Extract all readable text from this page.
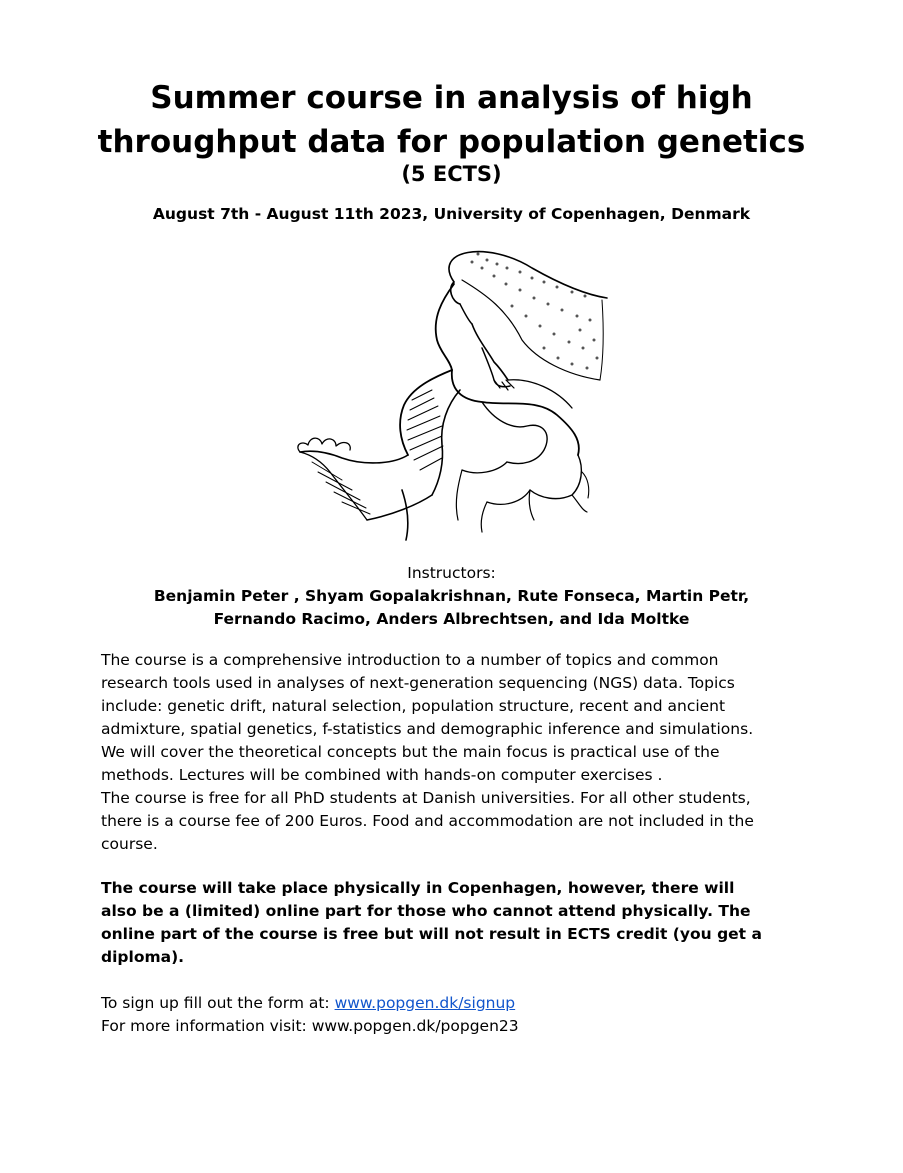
Summer course in analysis of high
throughput data for population genetics
(5 ECTS)
August 7th - August 11th 2023, University of Copenhagen, Denmark
Instructors:
Benjamin Peter , Shyam Gopalakrishnan, Rute Fonseca, Martin Petr,
Fernando Racimo, Anders Albrechtsen, and Ida Moltke

The course is a comprehensive introduction to a number of topics and common

research tools used in analyses of next-generation sequencing (NGS) data. Topics

include: genetic drift, natural selection, population structure, recent and ancient

admixture, spatial genetics, f-statistics and demographic inference and simulations.

We will cover the theoretical concepts but the main focus is practical use of the

methods. Lectures will be combined with hands-on computer exercises .

The course is free for all PhD students at Danish universities. For all other students,

there is a course fee of 200 Euros. Food and accommodation are not included in the

course.

The course will take place physically in Copenhagen, however, there will

also be a (limited) online part for those who cannot attend physically. The

online part of the course is free but will not result in ECTS credit (you get a

diploma).

To sign up fill out the form at: www.popgen.dk/signup

For more information visit: www.popgen.dk/popgen23
